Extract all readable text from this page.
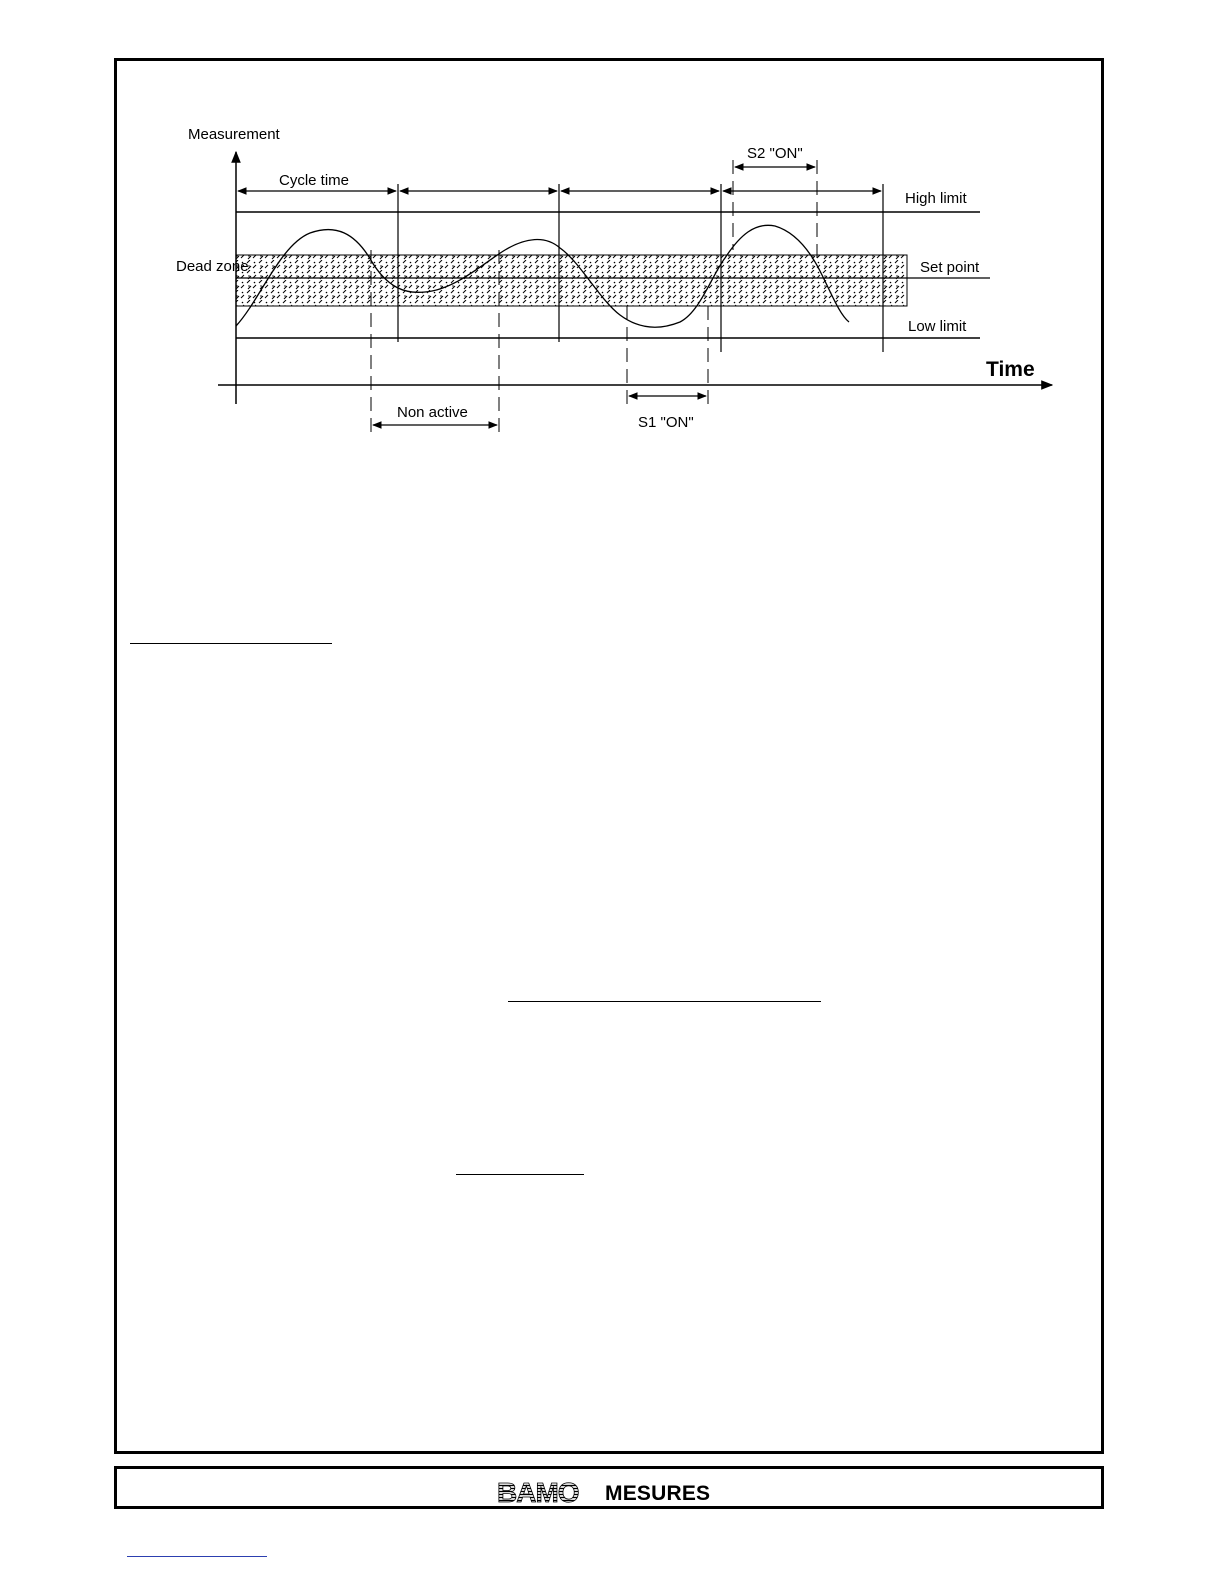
Measurement
Cycle time
S2 "ON"
High limit
Dead zone	Set point
Low limit
Time
Non active
S1 "ON"
BAMO MESURES
